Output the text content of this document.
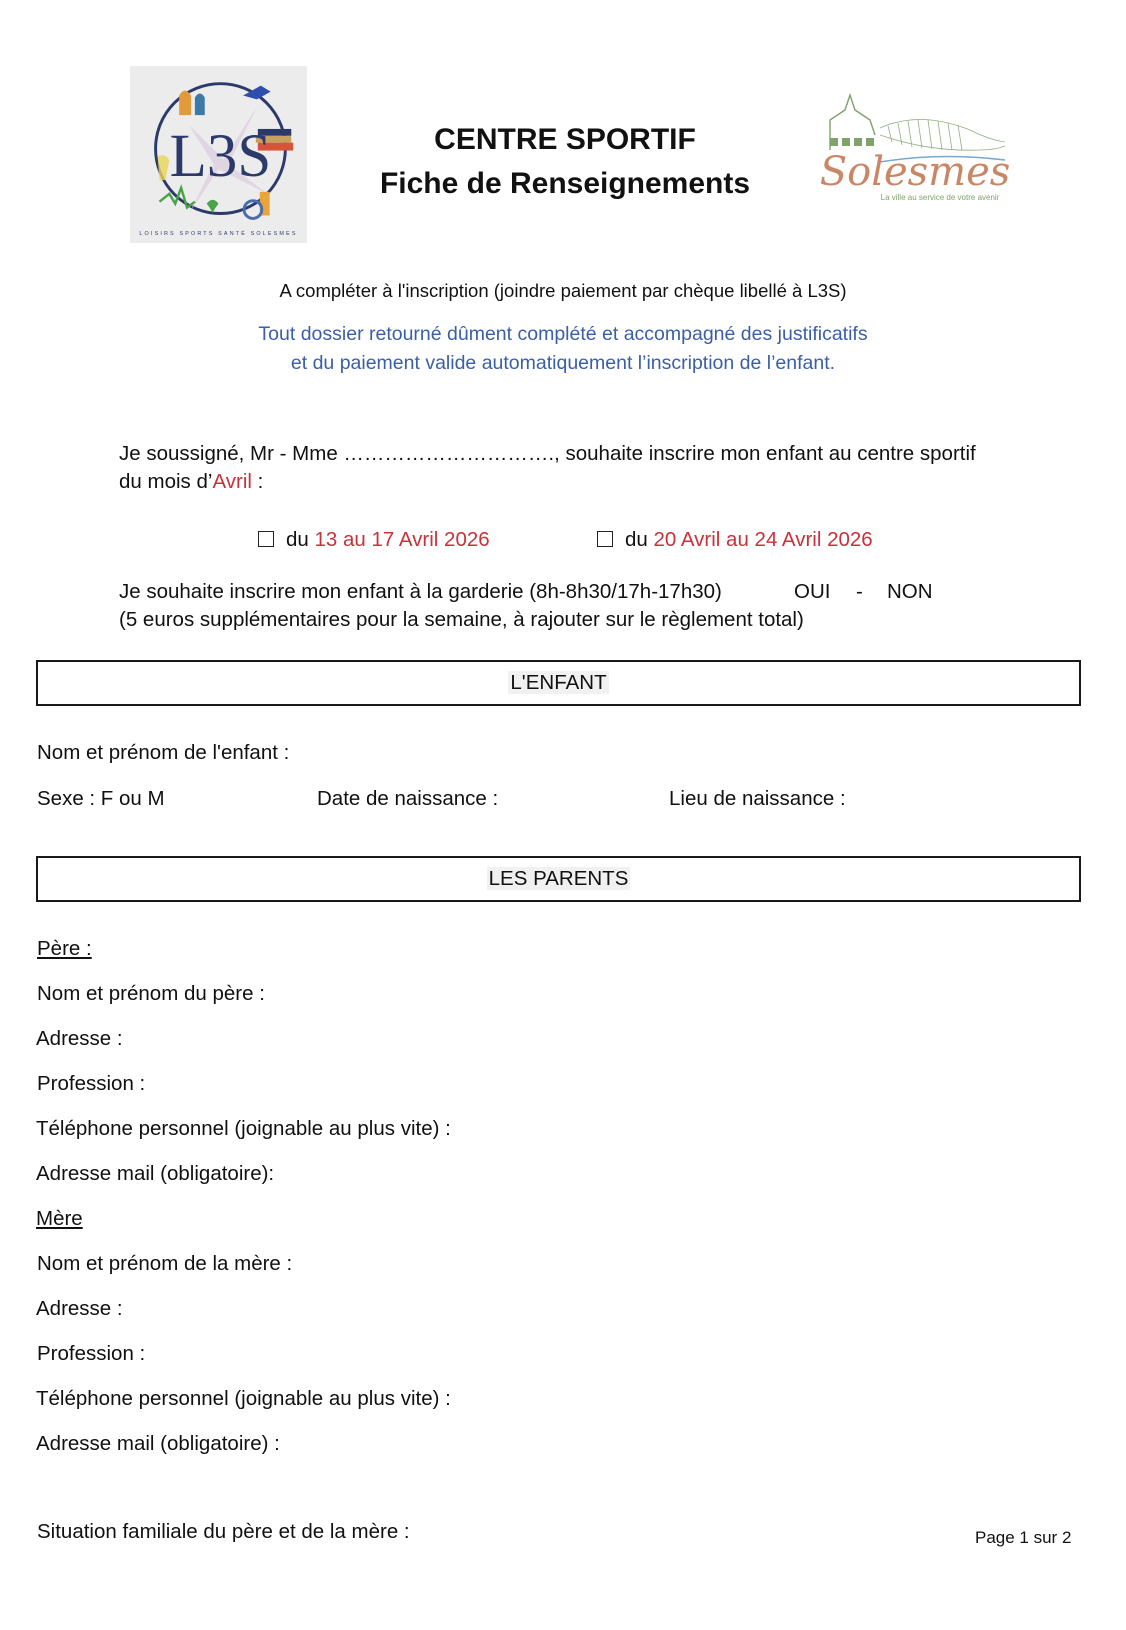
L3S
LOISIRS SPORTS SANTÉ SOLESMES
CENTRE SPORTIF
Fiche de Renseignements	Solesmes
La ville au service de votre avenir
A compléter à l'inscription (joindre paiement par chèque libellé à L3S)
Tout dossier retourné dûment complété et accompagné des justificatifs
et du paiement valide automatiquement l’inscription de l’enfant.
Je soussigné, Mr - Mme …………………………., souhaite inscrire mon enfant au centre sportif
du mois d’Avril :
du 13 au 17 Avril 2026	du 20 Avril au 24 Avril 2026
Je souhaite inscrire mon enfant à la garderie (8h-8h30/17h-17h30)	OUI - NON
(5 euros supplémentaires pour la semaine, à rajouter sur le règlement total)
L'ENFANT
Nom et prénom de l'enfant :
Sexe : F ou M	Date de naissance :	Lieu de naissance :
LES PARENTS
Père :
Nom et prénom du père :
Adresse :
Profession :
Téléphone personnel (joignable au plus vite) :
Adresse mail (obligatoire):
Mère
Nom et prénom de la mère :
Adresse :
Profession :
Téléphone personnel (joignable au plus vite) :
Adresse mail (obligatoire) :
Situation familiale du père et de la mère :	Page 1 sur 2
